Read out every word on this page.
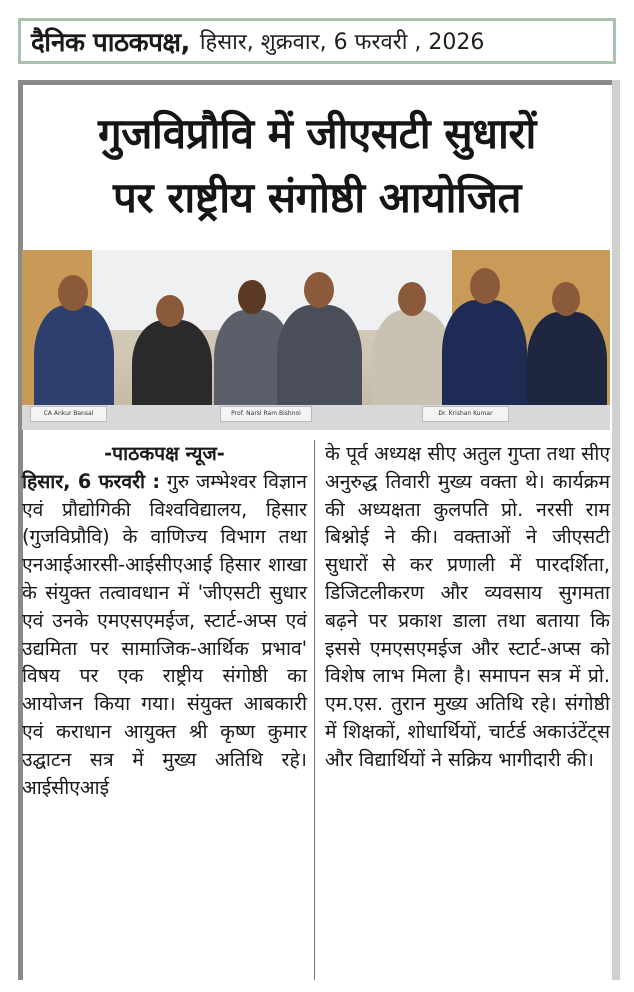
दैनिक पाठकपक्ष, हिसार, शुक्रवार, 6 फरवरी , 2026
गुजविप्रौवि में जीएसटी सुधारों
पर राष्ट्रीय संगोष्ठी आयोजित
CA Ankur Bansal	Prof. Narsi Ram Bishnoi	Dr. Krishan Kumar

-पाठकपक्ष न्यूज-

हिसार, 6 फरवरी : गुरु जम्भेश्वर विज्ञान एवं प्रौद्योगिकी विश्वविद्यालय, हिसार (गुजविप्रौवि) के वाणिज्य विभाग तथा एनआईआरसी-आईसीएआई हिसार शाखा के संयुक्त तत्वावधान में 'जीएसटी सुधार एवं उनके एमएसएमईज, स्टार्ट-अप्स एवं उद्यमिता पर सामाजिक-आर्थिक प्रभाव' विषय पर एक राष्ट्रीय संगोष्ठी का आयोजन किया गया। संयुक्त आबकारी एवं कराधान आयुक्त श्री कृष्ण कुमार उद्घाटन सत्र में मुख्य अतिथि रहे। आईसीएआई

के पूर्व अध्यक्ष सीए अतुल गुप्ता तथा सीए अनुरुद्ध तिवारी मुख्य वक्ता थे। कार्यक्रम की अध्यक्षता कुलपति प्रो. नरसी राम बिश्नोई ने की। वक्ताओं ने जीएसटी सुधारों से कर प्रणाली में पारदर्शिता, डिजिटलीकरण और व्यवसाय सुगमता बढ़ने पर प्रकाश डाला तथा बताया कि इससे एमएसएमईज और स्टार्ट-अप्स को विशेष लाभ मिला है। समापन सत्र में प्रो. एम.एस. तुरान मुख्य अतिथि रहे। संगोष्ठी में शिक्षकों, शोधार्थियों, चार्टर्ड अकाउंटेंट्स और विद्यार्थियों ने सक्रिय भागीदारी की।
